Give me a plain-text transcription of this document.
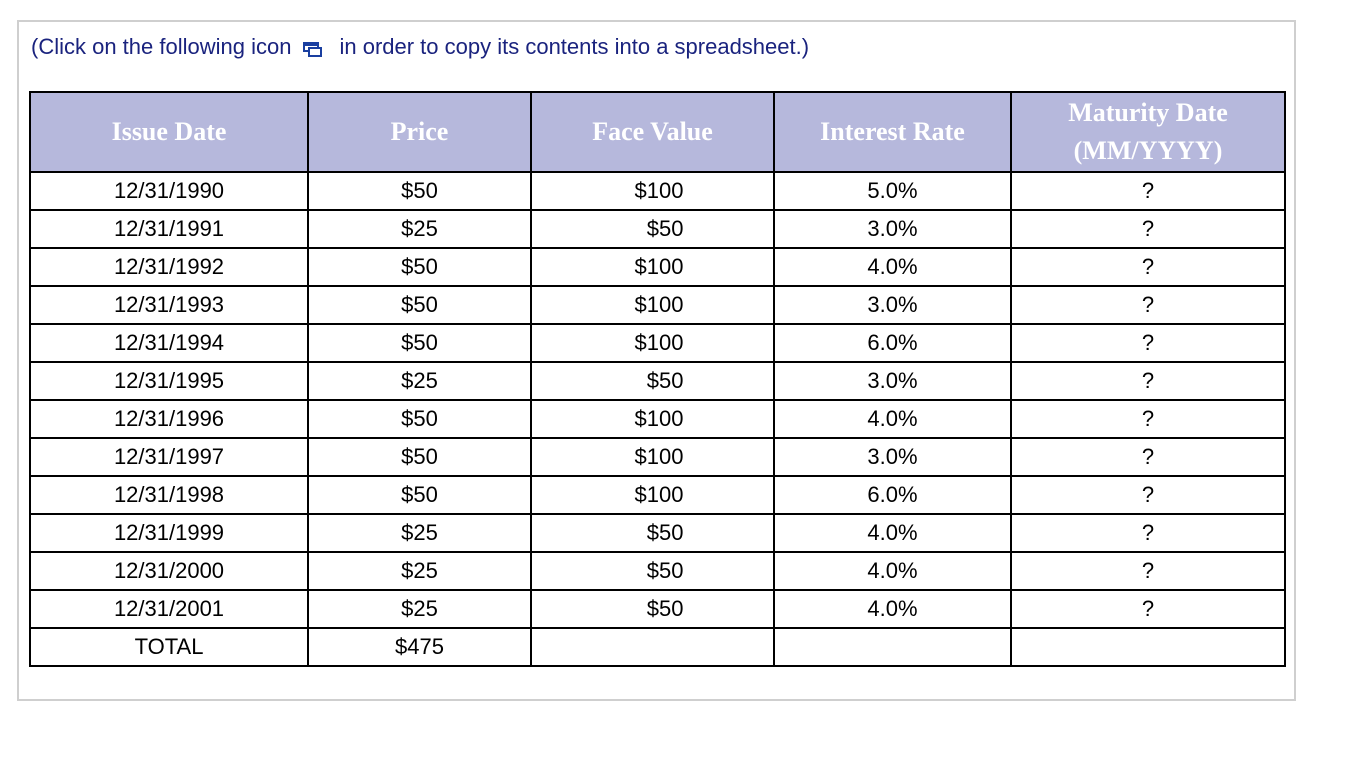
(Click on the following icon in order to copy its contents into a spreadsheet.)
Issue Date	Price	Face Value	Interest Rate	Maturity Date (MM/YYYY)
12/31/1990	$50	$100	5.0%	?
12/31/1991	$25	$50	3.0%	?
12/31/1992	$50	$100	4.0%	?
12/31/1993	$50	$100	3.0%	?
12/31/1994	$50	$100	6.0%	?
12/31/1995	$25	$50	3.0%	?
12/31/1996	$50	$100	4.0%	?
12/31/1997	$50	$100	3.0%	?
12/31/1998	$50	$100	6.0%	?
12/31/1999	$25	$50	4.0%	?
12/31/2000	$25	$50	4.0%	?
12/31/2001	$25	$50	4.0%	?
TOTAL	$475			
